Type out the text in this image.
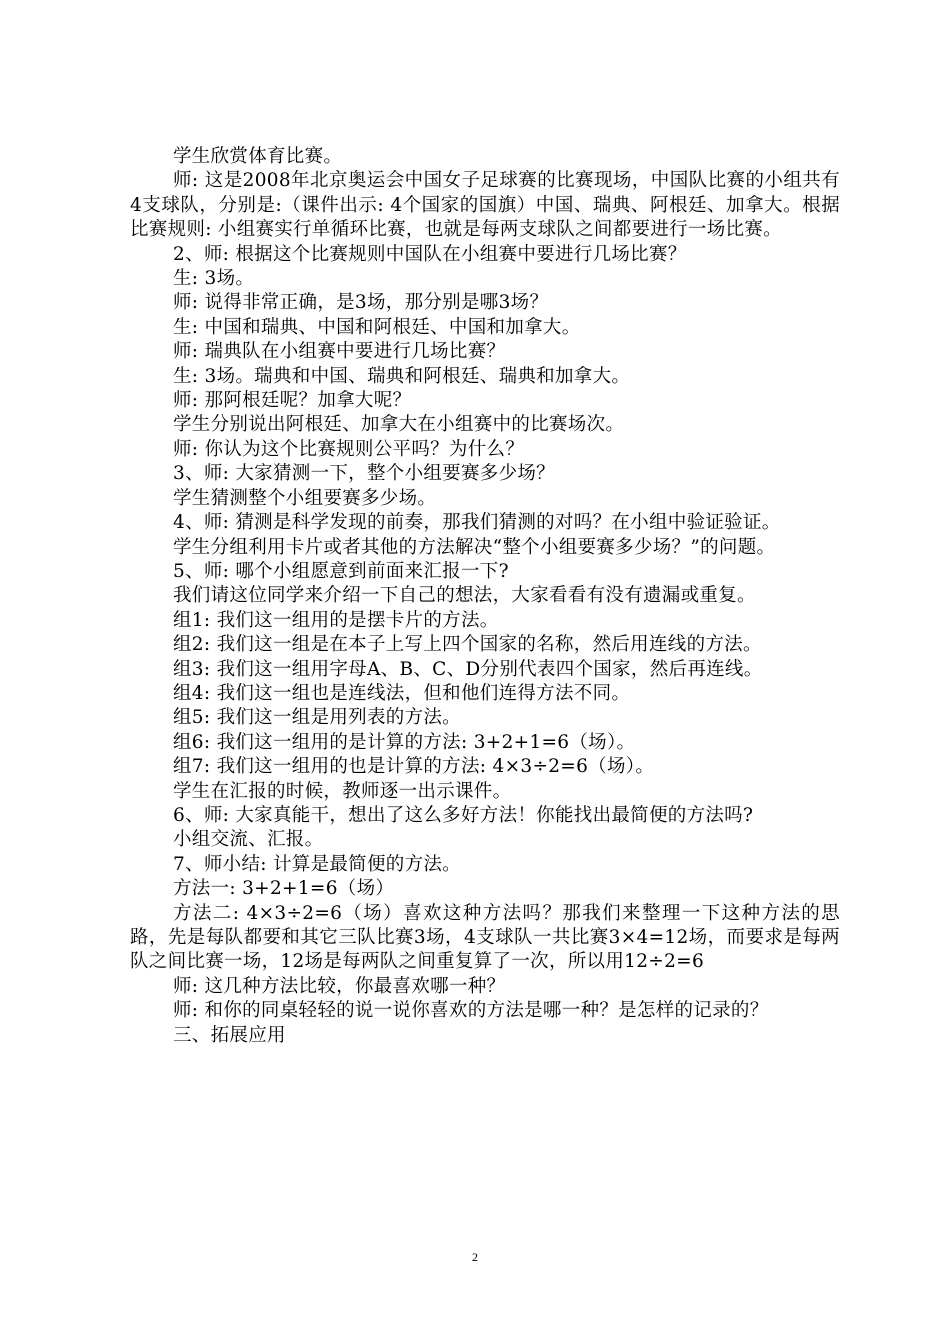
学生欣赏体育比赛。

师: 这是2008年北京奥运会中国女子足球赛的比赛现场，中国队比赛的小组共有4支球队，分别是:（课件出示: 4个国家的国旗）中国、瑞典、阿根廷、加拿大。根据比赛规则: 小组赛实行单循环比赛，也就是每两支球队之间都要进行一场比赛。

2、师: 根据这个比赛规则中国队在小组赛中要进行几场比赛？

生: 3场。

师: 说得非常正确，是3场，那分别是哪3场？

生: 中国和瑞典、中国和阿根廷、中国和加拿大。

师: 瑞典队在小组赛中要进行几场比赛？

生: 3场。瑞典和中国、瑞典和阿根廷、瑞典和加拿大。

师: 那阿根廷呢？加拿大呢？

学生分别说出阿根廷、加拿大在小组赛中的比赛场次。

师: 你认为这个比赛规则公平吗？为什么？

3、师: 大家猜测一下，整个小组要赛多少场？

学生猜测整个小组要赛多少场。

4、师: 猜测是科学发现的前奏，那我们猜测的对吗？在小组中验证验证。

学生分组利用卡片或者其他的方法解决“整个小组要赛多少场？”的问题。

5、师: 哪个小组愿意到前面来汇报一下?

我们请这位同学来介绍一下自己的想法，大家看看有没有遗漏或重复。

组1: 我们这一组用的是摆卡片的方法。

组2: 我们这一组是在本子上写上四个国家的名称，然后用连线的方法。

组3: 我们这一组用字母A、B、C、D分别代表四个国家，然后再连线。

组4: 我们这一组也是连线法，但和他们连得方法不同。

组5: 我们这一组是用列表的方法。

组6: 我们这一组用的是计算的方法: 3+2+1=6（场）。

组7: 我们这一组用的也是计算的方法: 4×3÷2=6（场）。

学生在汇报的时候，教师逐一出示课件。

6、师: 大家真能干，想出了这么多好方法！你能找出最简便的方法吗?

小组交流、汇报。

7、师小结: 计算是最简便的方法。

方法一: 3+2+1=6（场）

方法二: 4×3÷2=6（场）喜欢这种方法吗？那我们来整理一下这种方法的思路，先是每队都要和其它三队比赛3场，4支球队一共比赛3×4=12场，而要求是每两队之间比赛一场，12场是每两队之间重复算了一次，所以用12÷2=6

师: 这几种方法比较，你最喜欢哪一种？

师: 和你的同桌轻轻的说一说你喜欢的方法是哪一种？是怎样的记录的？

三、拓展应用

2
